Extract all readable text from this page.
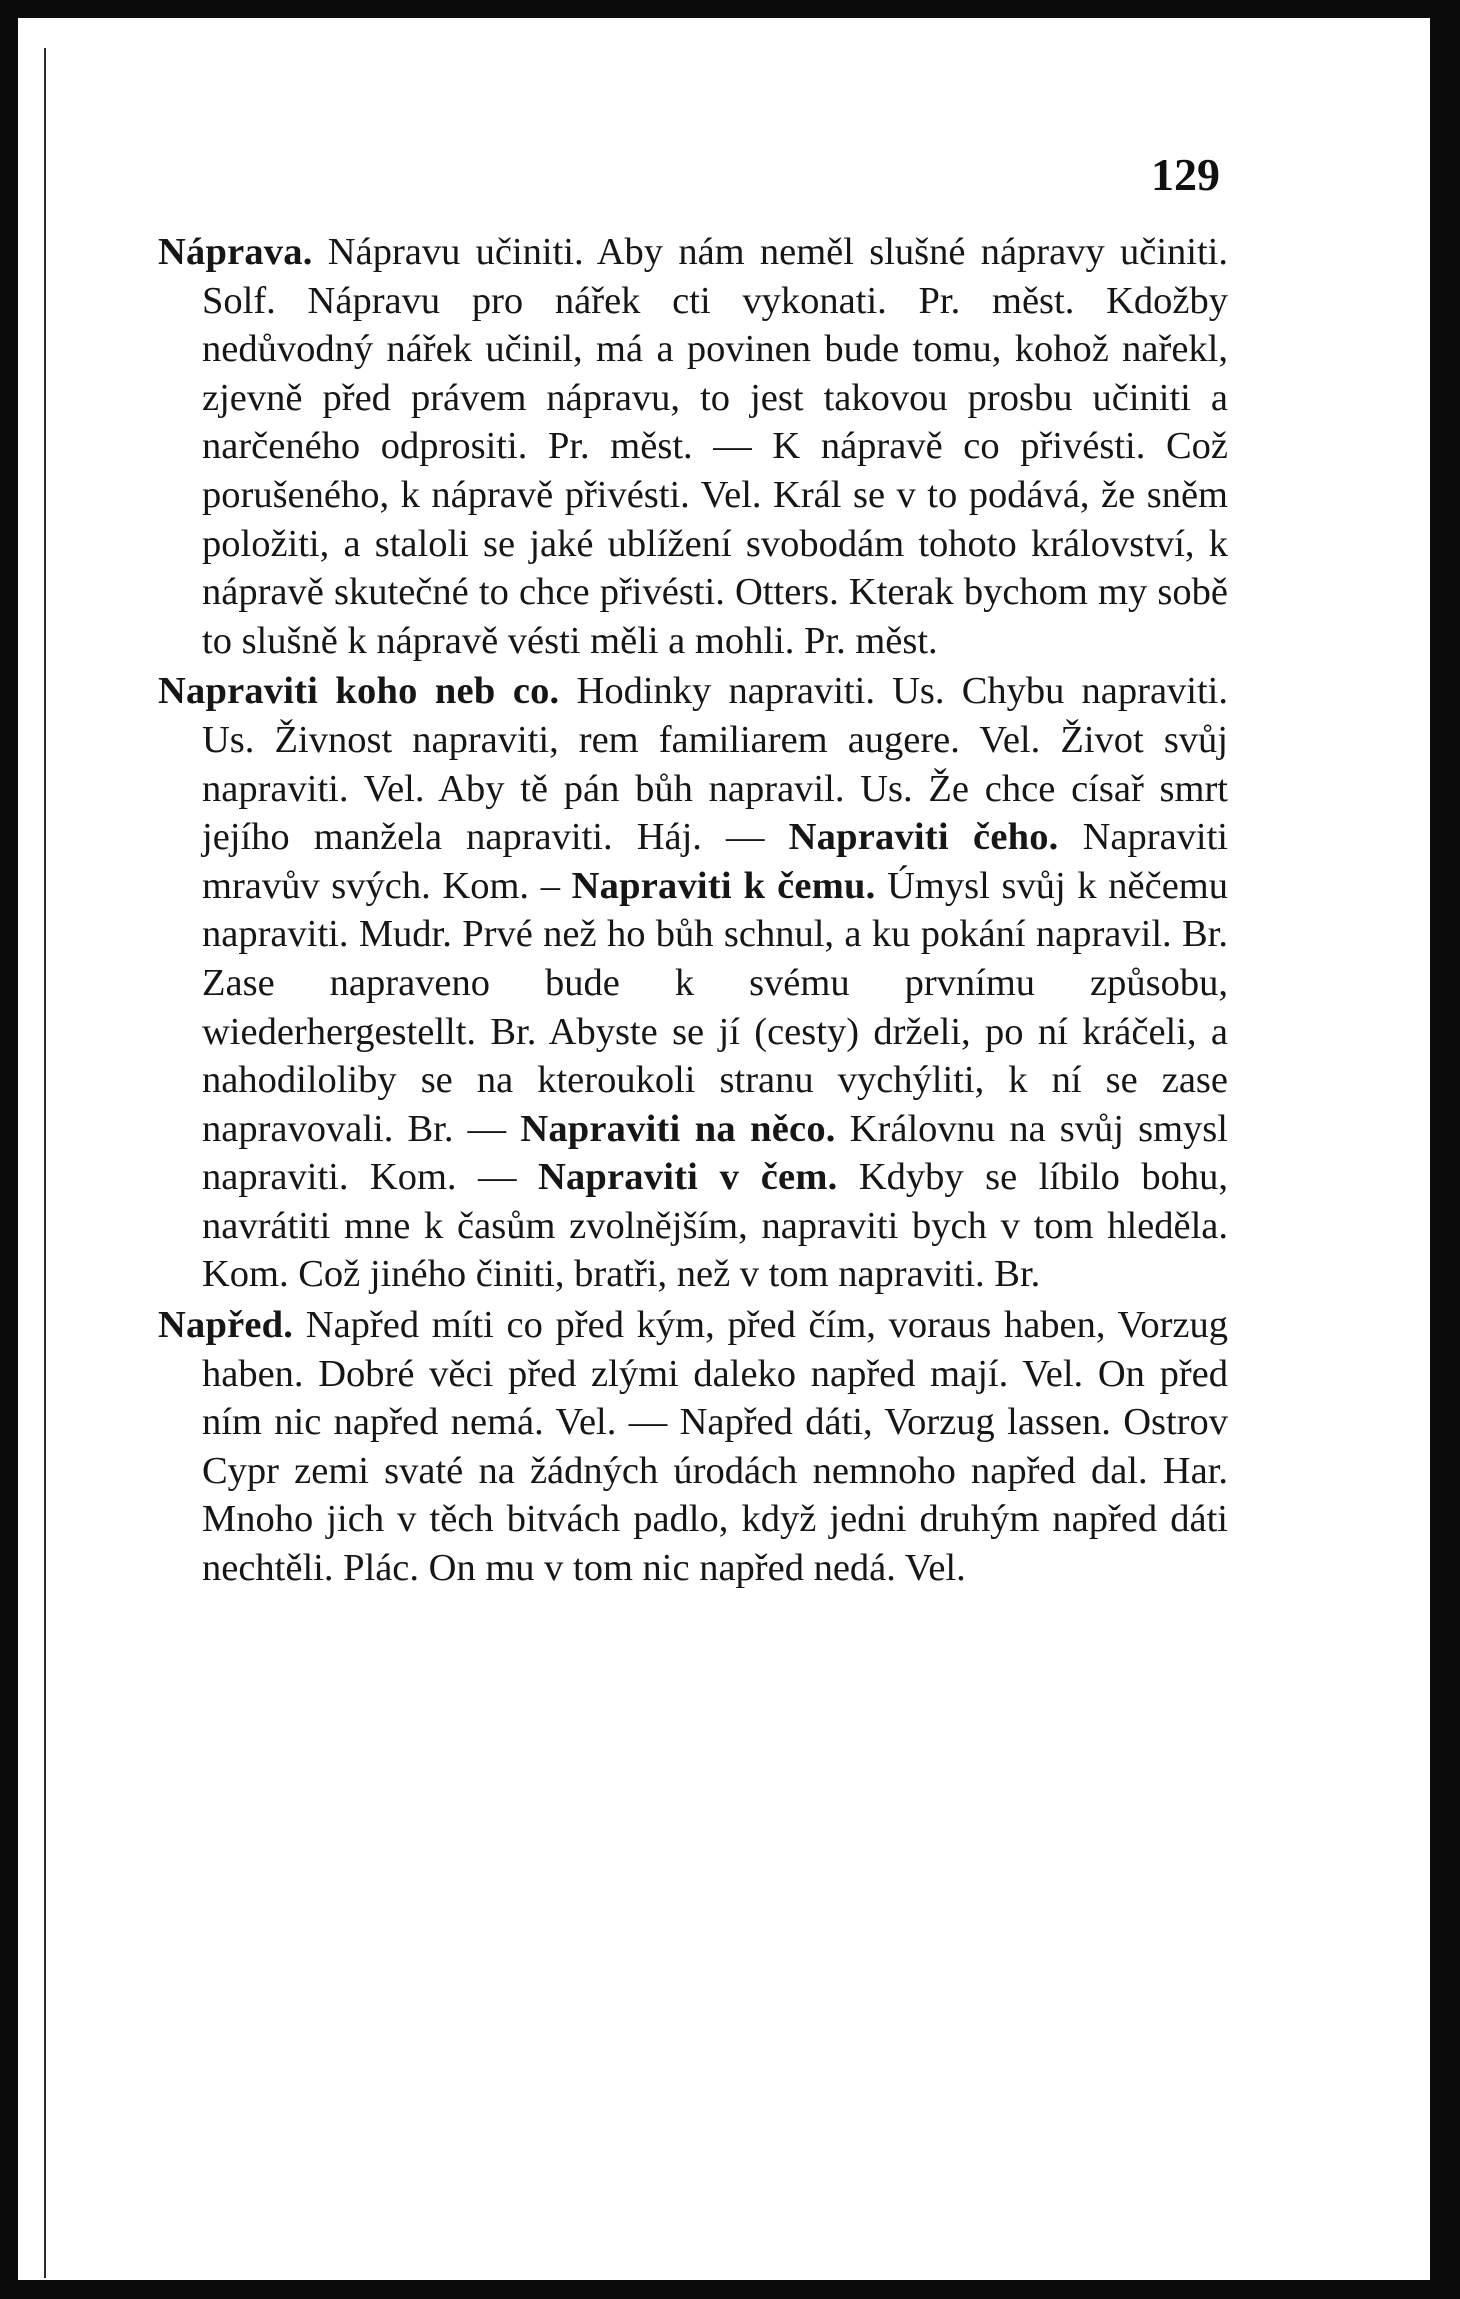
129

Náprava. Nápravu učiniti. Aby nám neměl slušné nápravy učiniti. Solf. Nápravu pro nářek cti vykonati. Pr. měst. Kdožby nedůvodný nářek učinil, má a povinen bude tomu, kohož nařekl, zjevně před právem nápravu, to jest takovou prosbu učiniti a narčeného odprositi. Pr. měst. — K nápravě co přivésti. Což porušeného, k nápravě přivésti. Vel. Král se v to podává, že sněm položiti, a staloli se jaké ublížení svobodám tohoto království, k nápravě skutečné to chce přivésti. Otters. Kterak bychom my sobě to slušně k nápravě vésti měli a mohli. Pr. měst.

Napraviti koho neb co. Hodinky napraviti. Us. Chybu napraviti. Us. Živnost napraviti, rem familiarem augere. Vel. Život svůj napraviti. Vel. Aby tě pán bůh napravil. Us. Že chce císař smrt jejího manžela napraviti. Háj. — Napraviti čeho. Napraviti mravův svých. Kom. – Napraviti k čemu. Úmysl svůj k něčemu napraviti. Mudr. Prvé než ho bůh schnul, a ku pokání napravil. Br. Zase napraveno bude k svému prvnímu způsobu, wiederhergestellt. Br. Abyste se jí (cesty) drželi, po ní kráčeli, a nahodiloliby se na kteroukoli stranu vychýliti, k ní se zase napravovali. Br. — Napraviti na něco. Královnu na svůj smysl napraviti. Kom. — Napraviti v čem. Kdyby se líbilo bohu, navrátiti mne k časům zvolnějším, napraviti bych v tom hleděla. Kom. Což jiného činiti, bratři, než v tom napraviti. Br.

Napřed. Napřed míti co před kým, před čím, voraus haben, Vorzug haben. Dobré věci před zlými daleko napřed mají. Vel. On před ním nic napřed nemá. Vel. — Napřed dáti, Vorzug lassen. Ostrov Cypr zemi svaté na žádných úrodách nemnoho napřed dal. Har. Mnoho jich v těch bitvách padlo, když jedni druhým napřed dáti nechtěli. Plác. On mu v tom nic napřed nedá. Vel.
